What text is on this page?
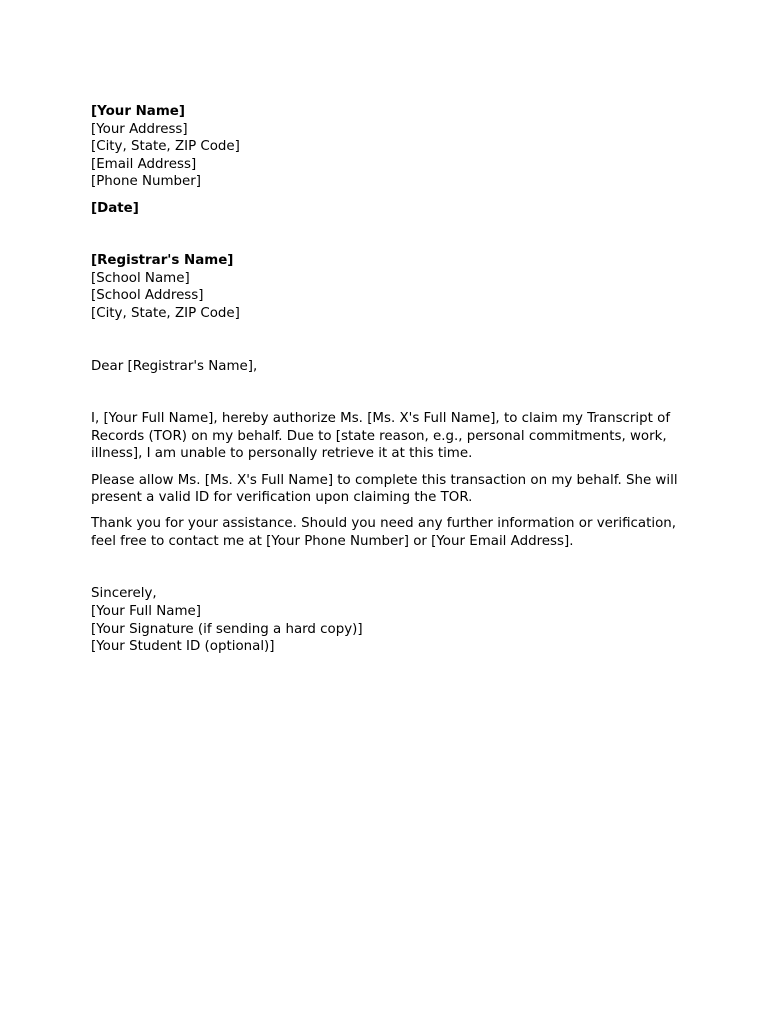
[Your Name]
[Your Address]
[City, State, ZIP Code]
[Email Address]
[Phone Number]
[Date]
[Registrar's Name]
[School Name]
[School Address]
[City, State, ZIP Code]
Dear [Registrar's Name],
I, [Your Full Name], hereby authorize Ms. [Ms. X's Full Name], to claim my Transcript of Records (TOR) on my behalf. Due to [state reason, e.g., personal commitments, work, illness], I am unable to personally retrieve it at this time.
Please allow Ms. [Ms. X's Full Name] to complete this transaction on my behalf. She will present a valid ID for verification upon claiming the TOR.
Thank you for your assistance. Should you need any further information or verification, feel free to contact me at [Your Phone Number] or [Your Email Address].
Sincerely,
[Your Full Name]
[Your Signature (if sending a hard copy)]
[Your Student ID (optional)]
